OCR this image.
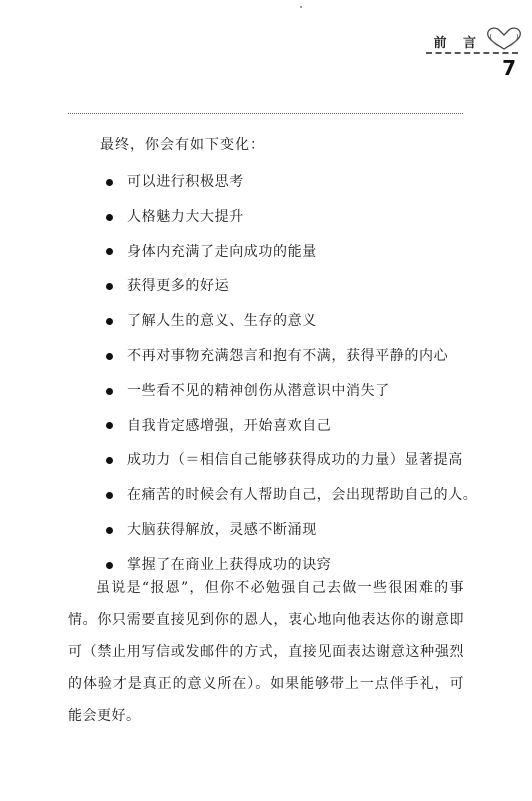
前 言
7

最终，你会有如下变化：

可以进行积极思考
人格魅力大大提升
身体内充满了走向成功的能量
获得更多的好运
了解人生的意义、生存的意义
不再对事物充满怨言和抱有不满，获得平静的内心
一些看不见的精神创伤从潜意识中消失了
自我肯定感增强，开始喜欢自己
成功力（＝相信自己能够获得成功的力量）显著提高
在痛苦的时候会有人帮助自己，会出现帮助自己的人。
大脑获得解放，灵感不断涌现
掌握了在商业上获得成功的诀窍

虽说是“报恩”，但你不必勉强自己去做一些很困难的事情。你只需要直接见到你的恩人，衷心地向他表达你的谢意即可（禁止用写信或发邮件的方式，直接见面表达谢意这种强烈的体验才是真正的意义所在）。如果能够带上一点伴手礼，可能会更好。
